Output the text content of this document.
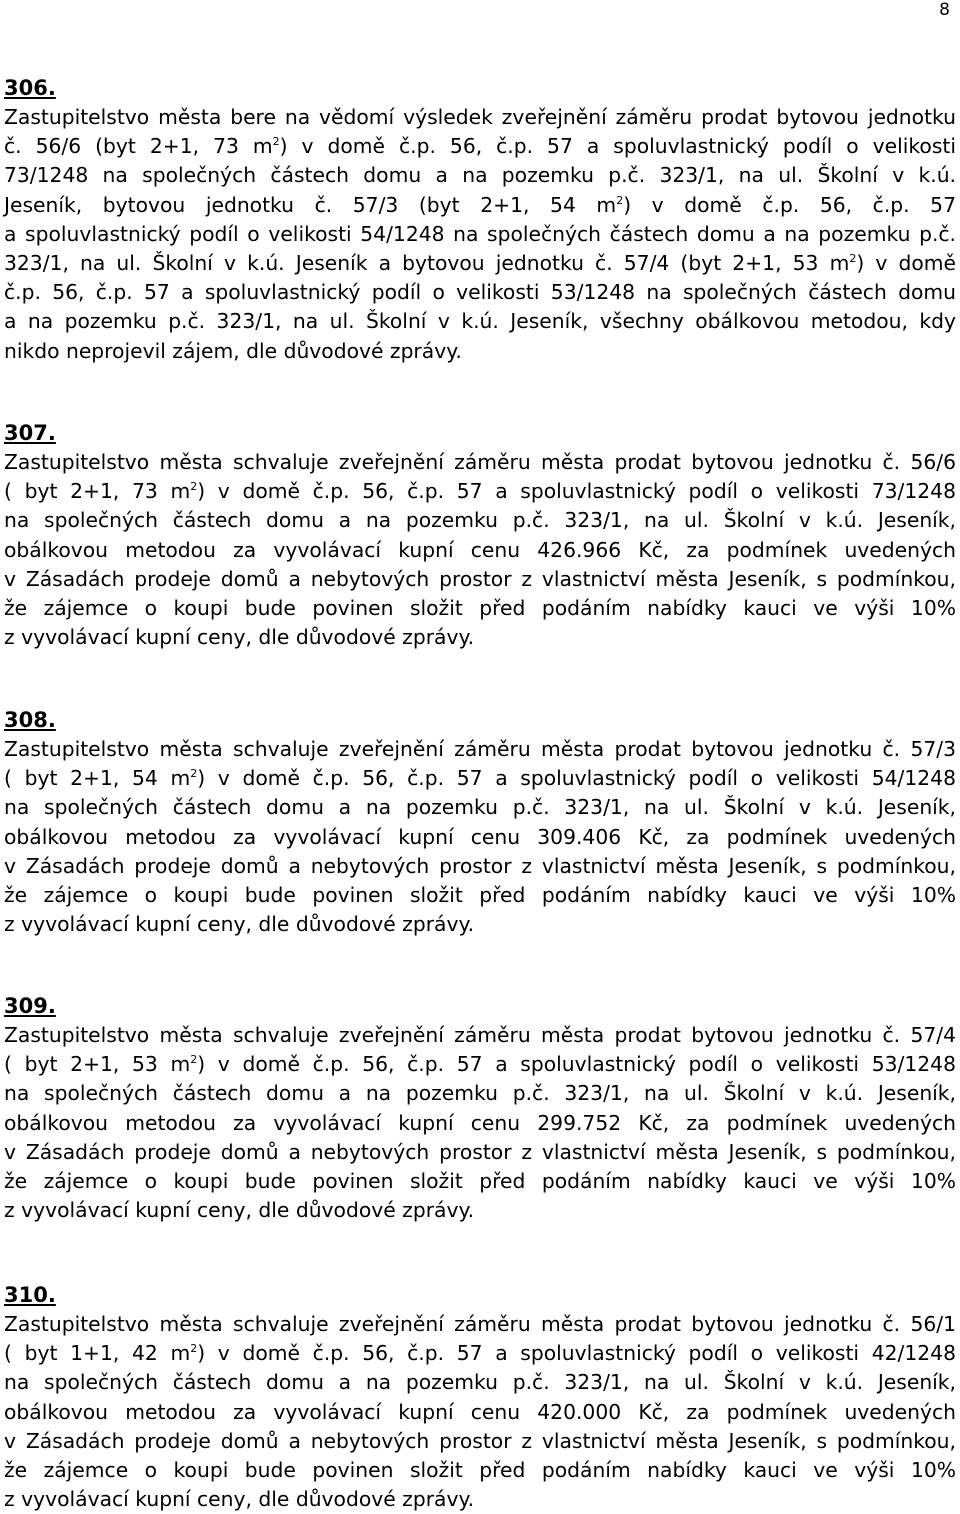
8
306.
Zastupitelstvo města bere na vědomí výsledek zveřejnění záměru prodat bytovou jednotku
č. 56/6 (byt 2+1, 73 $m^2$) v domě č.p. 56, č.p. 57 a spoluvlastnický podíl o velikosti
73/1248 na společných částech domu a na pozemku p.č. 323/1, na ul. Školní v k.ú.
Jeseník, bytovou jednotku č. 57/3 (byt 2+1, 54 $m^2$) v domě č.p. 56, č.p. 57
a spoluvlastnický podíl o velikosti 54/1248 na společných částech domu a na pozemku p.č.
323/1, na ul. Školní v k.ú. Jeseník a bytovou jednotku č. 57/4 (byt 2+1, 53 $m^2$) v domě
č.p. 56, č.p. 57 a spoluvlastnický podíl o velikosti 53/1248 na společných částech domu
a na pozemku p.č. 323/1, na ul. Školní v k.ú. Jeseník, všechny obálkovou metodou, kdy
nikdo neprojevil zájem, dle důvodové zprávy.
307.
Zastupitelstvo města schvaluje zveřejnění záměru města prodat bytovou jednotku č. 56/6
( byt 2+1, 73 $m^2$) v domě č.p. 56, č.p. 57 a spoluvlastnický podíl o velikosti 73/1248
na společných částech domu a na pozemku p.č. 323/1, na ul. Školní v k.ú. Jeseník,
obálkovou metodou za vyvolávací kupní cenu 426.966 Kč, za podmínek uvedených
v Zásadách prodeje domů a nebytových prostor z vlastnictví města Jeseník, s podmínkou,
že zájemce o koupi bude povinen složit před podáním nabídky kauci ve výši 10%
z vyvolávací kupní ceny, dle důvodové zprávy.
308.
Zastupitelstvo města schvaluje zveřejnění záměru města prodat bytovou jednotku č. 57/3
( byt 2+1, 54 $m^2$) v domě č.p. 56, č.p. 57 a spoluvlastnický podíl o velikosti 54/1248
na společných částech domu a na pozemku p.č. 323/1, na ul. Školní v k.ú. Jeseník,
obálkovou metodou za vyvolávací kupní cenu 309.406 Kč, za podmínek uvedených
v Zásadách prodeje domů a nebytových prostor z vlastnictví města Jeseník, s podmínkou,
že zájemce o koupi bude povinen složit před podáním nabídky kauci ve výši 10%
z vyvolávací kupní ceny, dle důvodové zprávy.
309.
Zastupitelstvo města schvaluje zveřejnění záměru města prodat bytovou jednotku č. 57/4
( byt 2+1, 53 $m^2$) v domě č.p. 56, č.p. 57 a spoluvlastnický podíl o velikosti 53/1248
na společných částech domu a na pozemku p.č. 323/1, na ul. Školní v k.ú. Jeseník,
obálkovou metodou za vyvolávací kupní cenu 299.752 Kč, za podmínek uvedených
v Zásadách prodeje domů a nebytových prostor z vlastnictví města Jeseník, s podmínkou,
že zájemce o koupi bude povinen složit před podáním nabídky kauci ve výši 10%
z vyvolávací kupní ceny, dle důvodové zprávy.
310.
Zastupitelstvo města schvaluje zveřejnění záměru města prodat bytovou jednotku č. 56/1
( byt 1+1, 42 $m^2$) v domě č.p. 56, č.p. 57 a spoluvlastnický podíl o velikosti 42/1248
na společných částech domu a na pozemku p.č. 323/1, na ul. Školní v k.ú. Jeseník,
obálkovou metodou za vyvolávací kupní cenu 420.000 Kč, za podmínek uvedených
v Zásadách prodeje domů a nebytových prostor z vlastnictví města Jeseník, s podmínkou,
že zájemce o koupi bude povinen složit před podáním nabídky kauci ve výši 10%
z vyvolávací kupní ceny, dle důvodové zprávy.
